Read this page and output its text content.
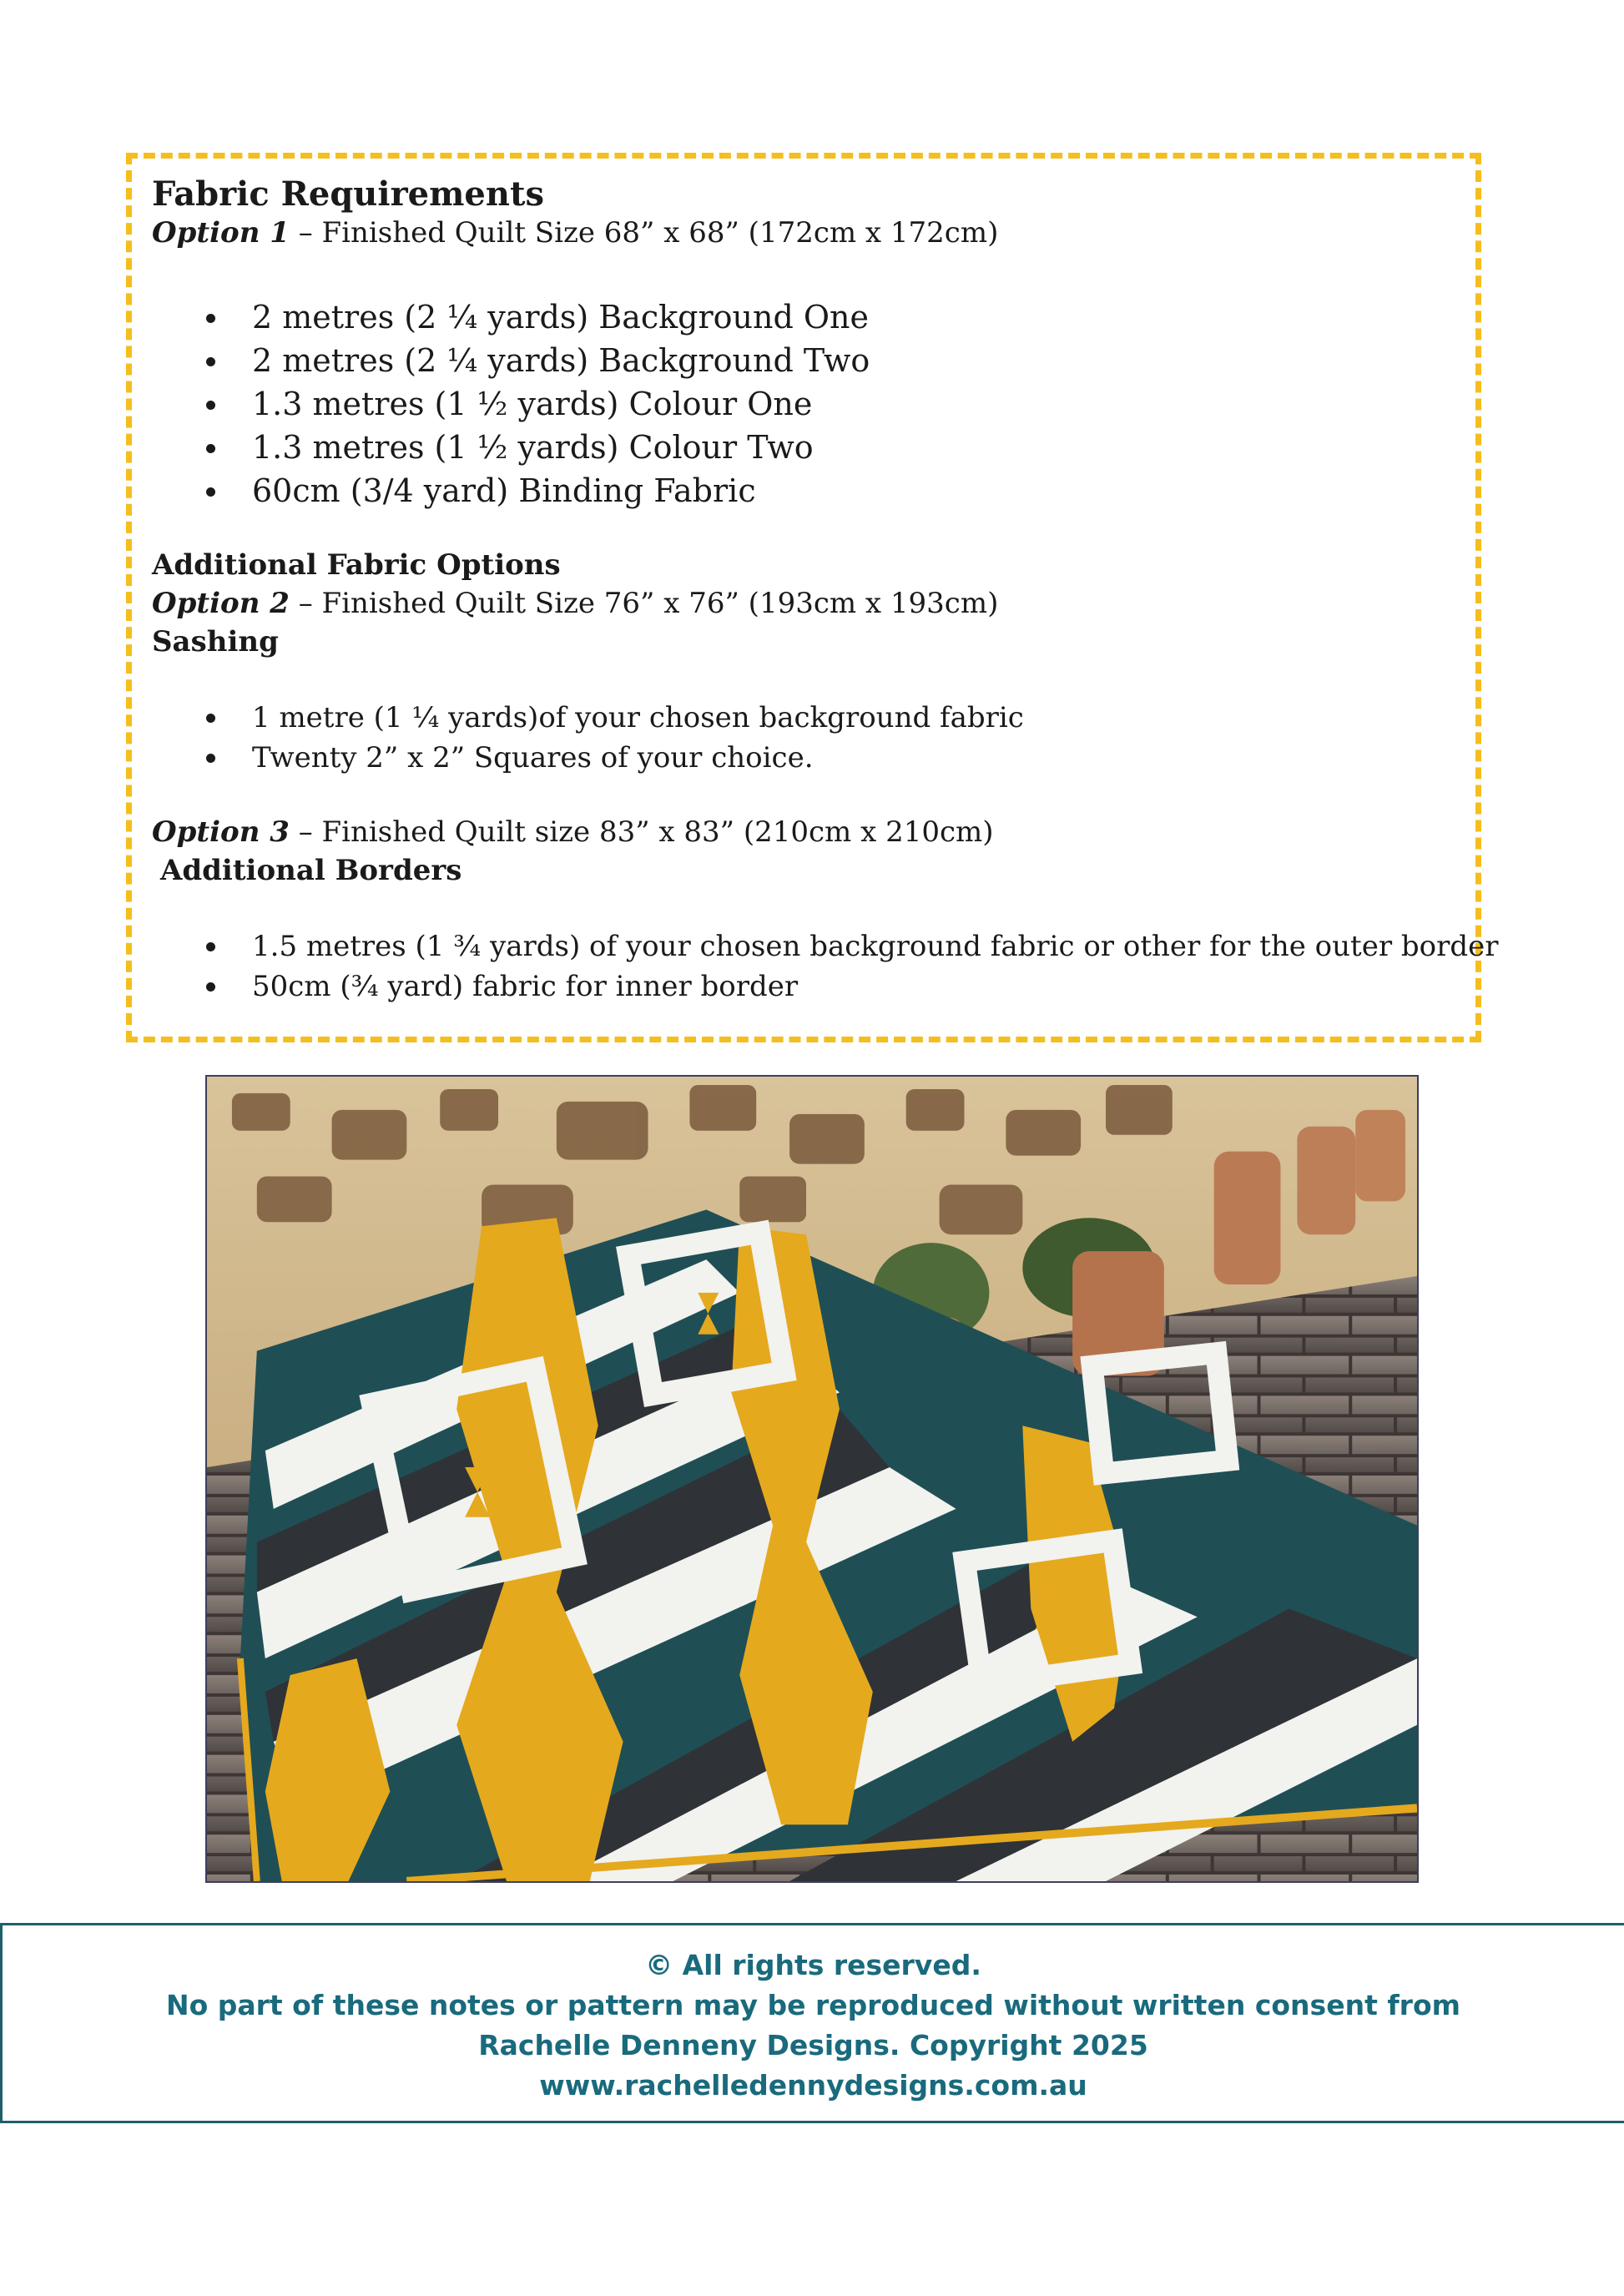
Fabric Requirements
Option 1 – Finished Quilt Size 68” x 68” (172cm x 172cm)
2 metres (2 ¼ yards) Background One
2 metres (2 ¼ yards) Background Two
1.3 metres (1 ½ yards) Colour One
1.3 metres (1 ½ yards) Colour Two
60cm (3/4 yard) Binding Fabric
Additional Fabric Options
Option 2 – Finished Quilt Size 76” x 76” (193cm x 193cm)
Sashing
1 metre (1 ¼ yards)of your chosen background fabric
Twenty 2” x 2” Squares of your choice.
Option 3 – Finished Quilt size 83” x 83” (210cm x 210cm)
Additional Borders
1.5 metres (1 ¾ yards) of your chosen background fabric or other for the outer border
50cm (¾ yard) fabric for inner border
© All rights reserved.
No part of these notes or pattern may be reproduced without written consent from
Rachelle Denneny Designs. Copyright 2025
www.rachelledennydesigns.com.au
